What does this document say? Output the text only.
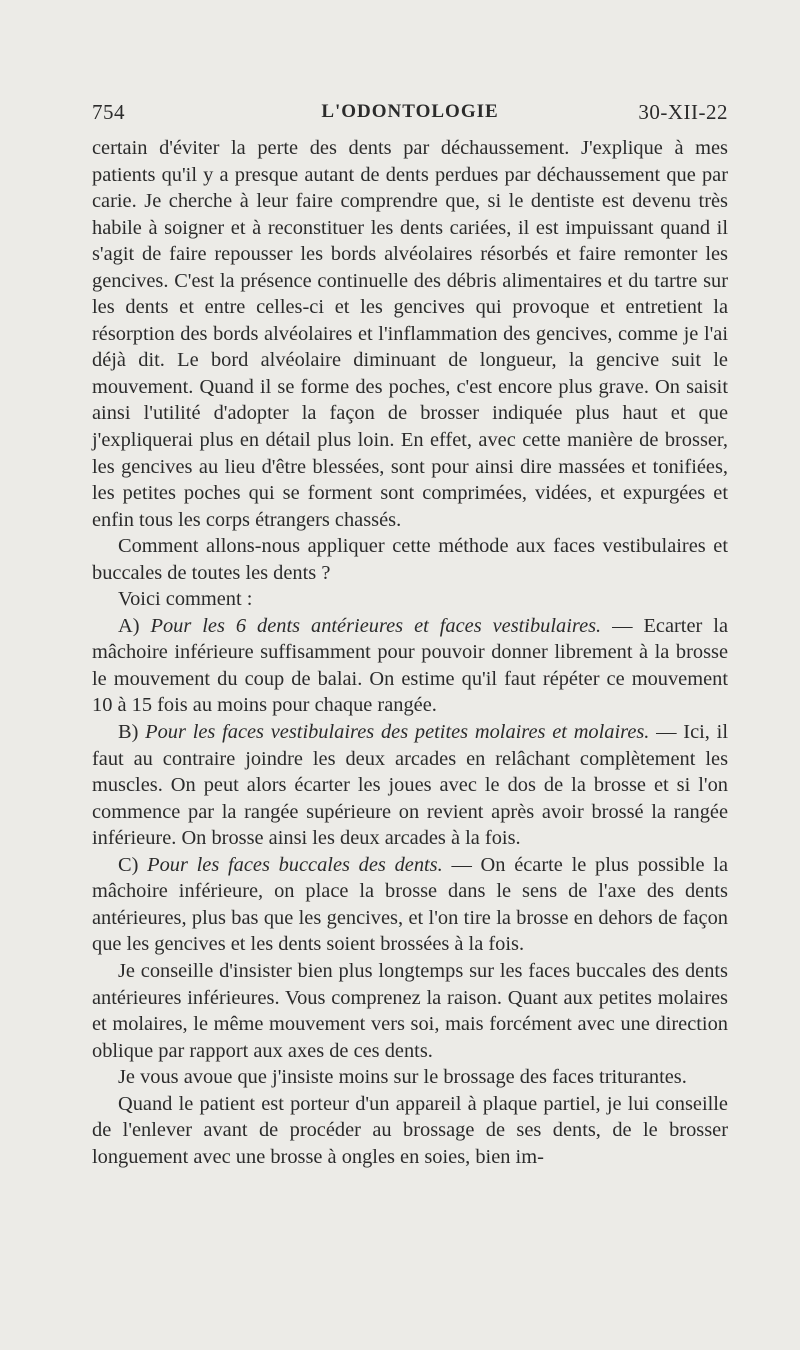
754	L'ODONTOLOGIE	30-XII-22

certain d'éviter la perte des dents par déchaussement. J'explique à mes patients qu'il y a presque autant de dents perdues par déchaussement que par carie. Je cherche à leur faire comprendre que, si le dentiste est devenu très habile à soigner et à reconstituer les dents cariées, il est impuissant quand il s'agit de faire repousser les bords alvéolaires résorbés et faire remonter les gencives. C'est la présence continuelle des débris alimentaires et du tartre sur les dents et entre celles-ci et les gencives qui provoque et entretient la résorption des bords alvéolaires et l'inflammation des gencives, comme je l'ai déjà dit. Le bord alvéolaire diminuant de longueur, la gencive suit le mouvement. Quand il se forme des poches, c'est encore plus grave. On saisit ainsi l'utilité d'adopter la façon de brosser indiquée plus haut et que j'expliquerai plus en détail plus loin. En effet, avec cette manière de brosser, les gencives au lieu d'être blessées, sont pour ainsi dire massées et tonifiées, les petites poches qui se forment sont comprimées, vidées, et expurgées et enfin tous les corps étrangers chassés.

Comment allons-nous appliquer cette méthode aux faces vestibulaires et buccales de toutes les dents ?

Voici comment :

A) Pour les 6 dents antérieures et faces vestibulaires. — Ecarter la mâchoire inférieure suffisamment pour pouvoir donner librement à la brosse le mouvement du coup de balai. On estime qu'il faut répéter ce mouvement 10 à 15 fois au moins pour chaque rangée.

B) Pour les faces vestibulaires des petites molaires et molaires. — Ici, il faut au contraire joindre les deux arcades en relâchant complètement les muscles. On peut alors écarter les joues avec le dos de la brosse et si l'on commence par la rangée supérieure on revient après avoir brossé la rangée inférieure. On brosse ainsi les deux arcades à la fois.

C) Pour les faces buccales des dents. — On écarte le plus possible la mâchoire inférieure, on place la brosse dans le sens de l'axe des dents antérieures, plus bas que les gencives, et l'on tire la brosse en dehors de façon que les gencives et les dents soient brossées à la fois.

Je conseille d'insister bien plus longtemps sur les faces buccales des dents antérieures inférieures. Vous comprenez la raison. Quant aux petites molaires et molaires, le même mouvement vers soi, mais forcément avec une direction oblique par rapport aux axes de ces dents.

Je vous avoue que j'insiste moins sur le brossage des faces triturantes.

Quand le patient est porteur d'un appareil à plaque partiel, je lui conseille de l'enlever avant de procéder au brossage de ses dents, de le brosser longuement avec une brosse à ongles en soies, bien im-
